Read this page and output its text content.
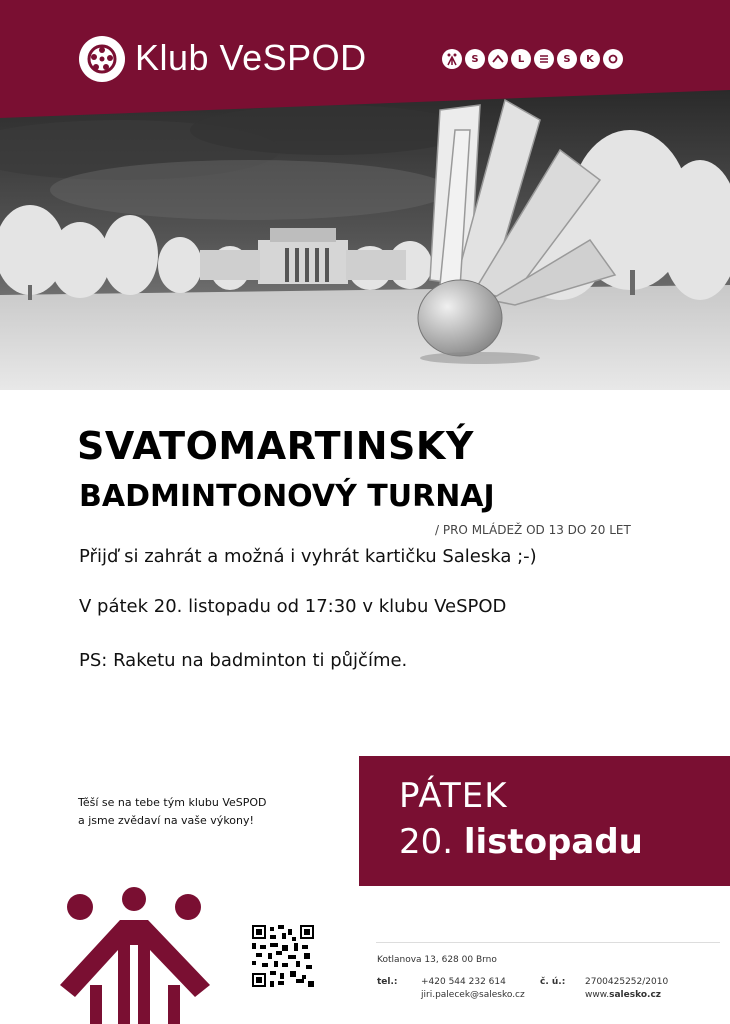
Klub VeSPOD	S	L	S	K
SVATOMARTINSKÝ
BADMINTONOVÝ TURNAJ
/ PRO MLÁDEŽ OD 13 DO 20 LET
Přijď si zahrát a možná i vyhrát kartičku Saleska ;-)
V pátek 20. listopadu od 17:30 v klubu VeSPOD
PS: Raketu na badminton ti půjčíme.
Těší se na tebe tým klubu VeSPOD
a jsme zvědaví na vaše výkony!
PÁTEK
20. listopadu
Kotlanova 13, 628 00 Brno
tel.:	+420 544 232 614
jiri.palecek@salesko.cz
č. ú.: 2700425252/2010
www.salesko.cz
